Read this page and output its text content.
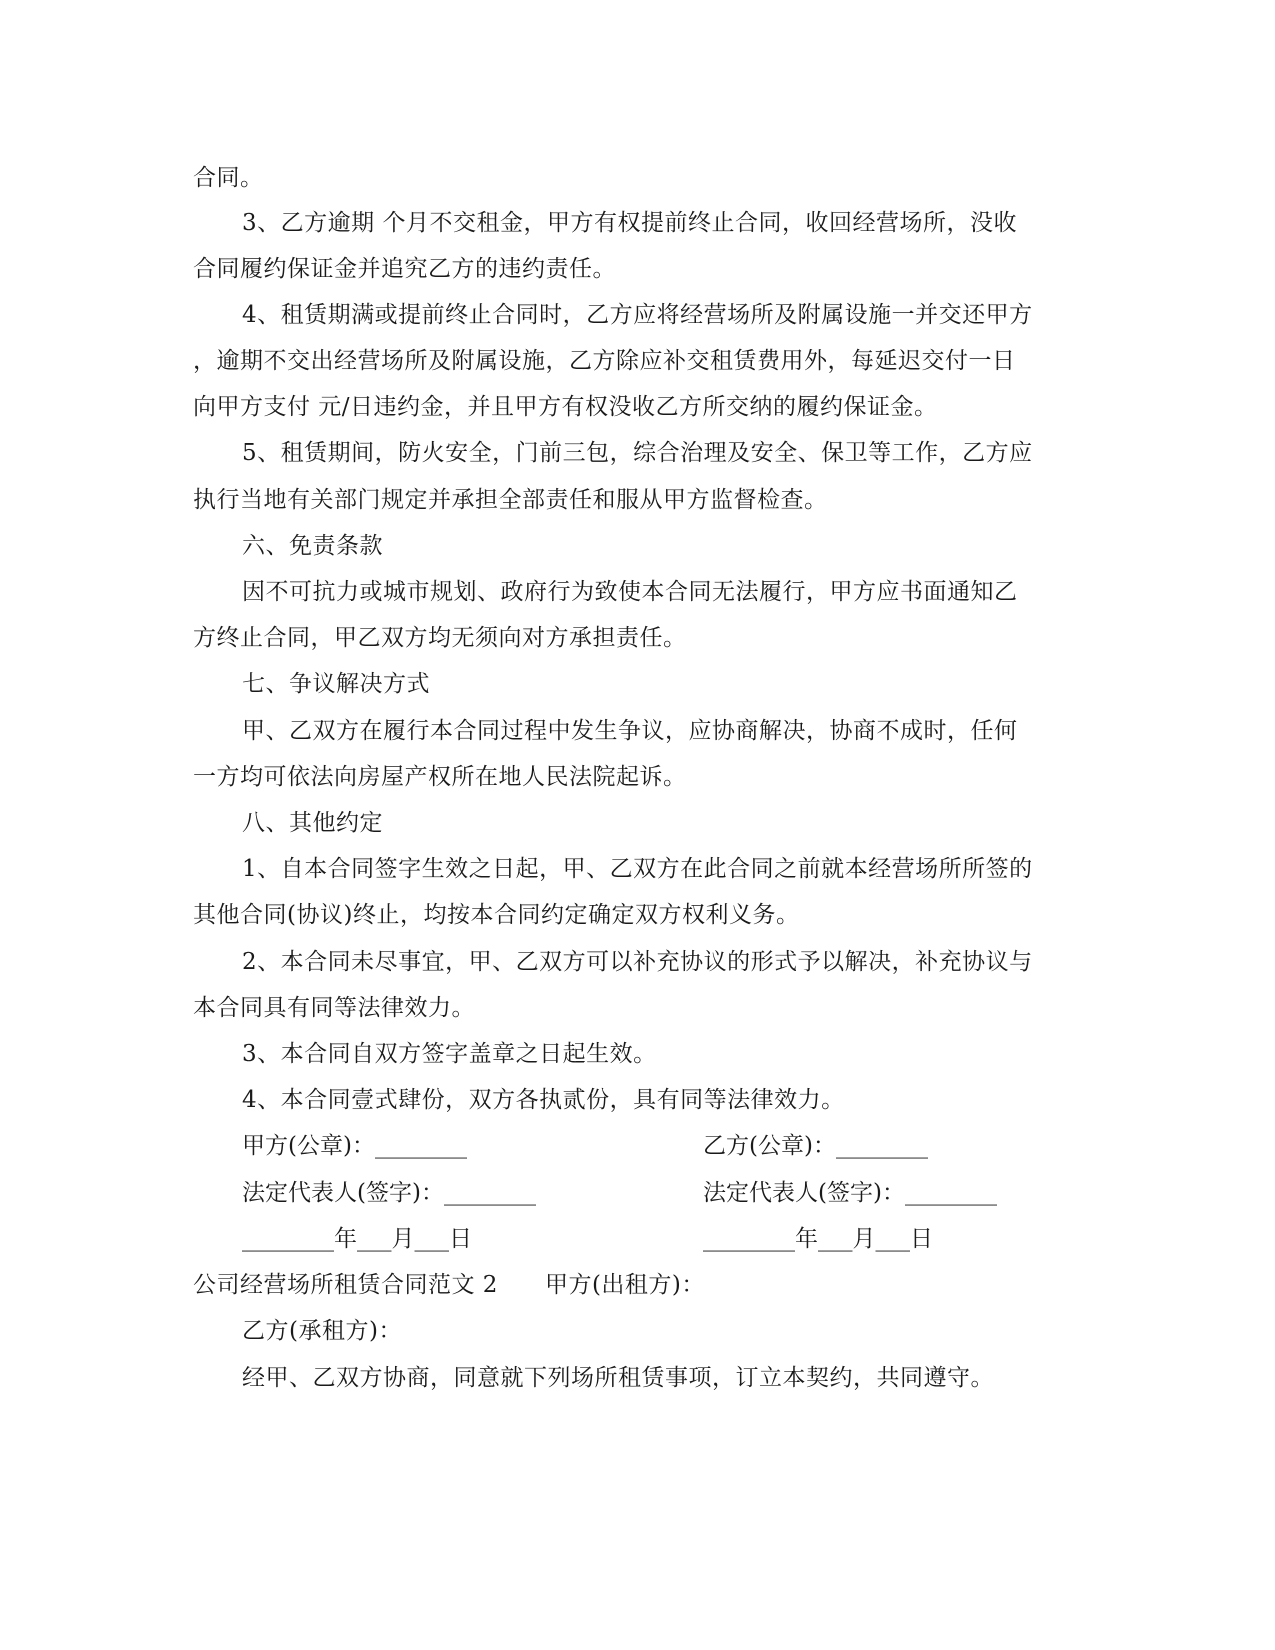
合同。
3、乙方逾期 个月不交租金，甲方有权提前终止合同，收回经营场所，没收
合同履约保证金并追究乙方的违约责任。
4、租赁期满或提前终止合同时，乙方应将经营场所及附属设施一并交还甲方
，逾期不交出经营场所及附属设施，乙方除应补交租赁费用外，每延迟交付一日
向甲方支付 元/日违约金，并且甲方有权没收乙方所交纳的履约保证金。
5、租赁期间，防火安全，门前三包，综合治理及安全、保卫等工作，乙方应
执行当地有关部门规定并承担全部责任和服从甲方监督检查。
六、免责条款
因不可抗力或城市规划、政府行为致使本合同无法履行，甲方应书面通知乙
方终止合同，甲乙双方均无须向对方承担责任。
七、争议解决方式
甲、乙双方在履行本合同过程中发生争议，应协商解决，协商不成时，任何
一方均可依法向房屋产权所在地人民法院起诉。
八、其他约定
1、自本合同签字生效之日起，甲、乙双方在此合同之前就本经营场所所签的
其他合同(协议)终止，均按本合同约定确定双方权利义务。
2、本合同未尽事宜，甲、乙双方可以补充协议的形式予以解决，补充协议与
本合同具有同等法律效力。
3、本合同自双方签字盖章之日起生效。
4、本合同壹式肆份，双方各执贰份，具有同等法律效力。
甲方(公章)：________	乙方(公章)：________
法定代表人(签字)：________	法定代表人(签字)：________
________年___月___日	________年___月___日
公司经营场所租赁合同范文 2　　甲方(出租方)：
乙方(承租方)：
经甲、乙双方协商，同意就下列场所租赁事项，订立本契约，共同遵守。
